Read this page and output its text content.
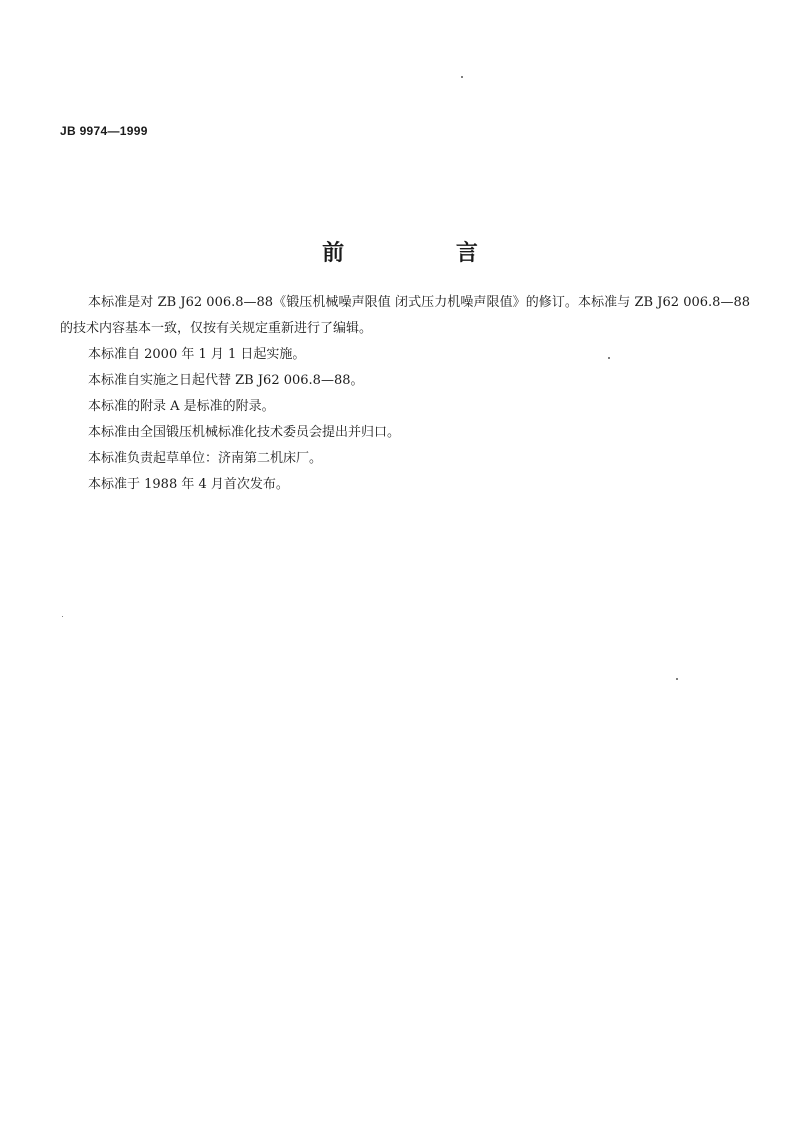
JB 9974—1999
前 言

本标准是对 ZB J62 006.8—88《锻压机械噪声限值 闭式压力机噪声限值》的修订。本标准与 ZB J62 006.8—88 的技术内容基本一致，仅按有关规定重新进行了编辑。

本标准自 2000 年 1 月 1 日起实施。

本标准自实施之日起代替 ZB J62 006.8—88。

本标准的附录 A 是标准的附录。

本标准由全国锻压机械标准化技术委员会提出并归口。

本标准负责起草单位：济南第二机床厂。

本标准于 1988 年 4 月首次发布。
